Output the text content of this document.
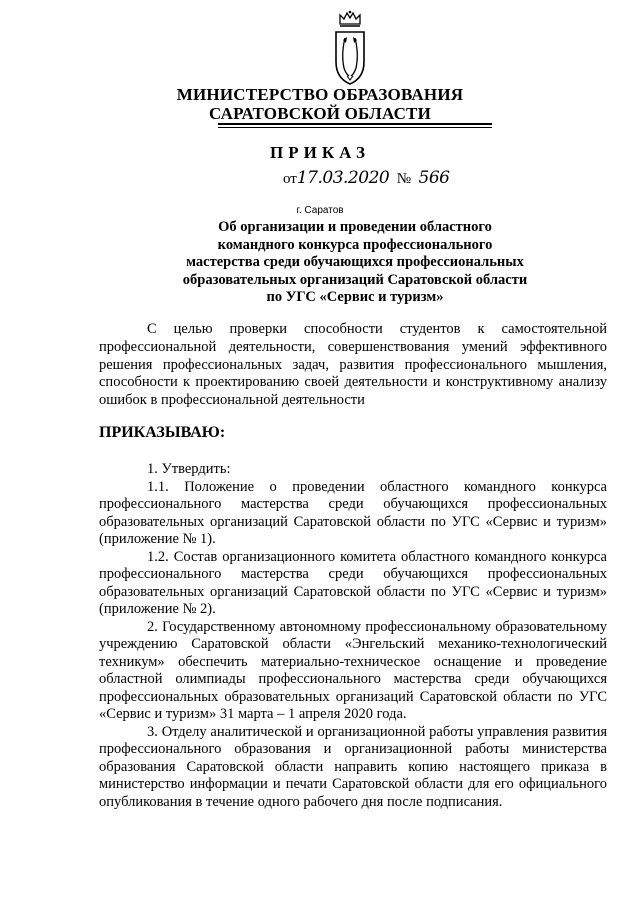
МИНИСТЕРСТВО ОБРАЗОВАНИЯ
САРАТОВСКОЙ ОБЛАСТИ
ПРИКАЗ
от17.03.2020 № 566
г. Саратов
Об организации и проведении областного
командного конкурса профессионального
мастерства среди обучающихся профессиональных
образовательных организаций Саратовской области
по УГС «Сервис и туризм»

С целью проверки способности студентов к самостоятельной профессиональной деятельности, совершенствования умений эффективного решения профессиональных задач, развития профессионального мышления, способности к проектированию своей деятельности и конструктивному анализу ошибок в профессиональной деятельности

ПРИКАЗЫВАЮ:

1. Утвердить:

1.1. Положение о проведении областного командного конкурса профессионального мастерства среди обучающихся профессиональных образовательных организаций Саратовской области по УГС «Сервис и туризм» (приложение № 1).

1.2. Состав организационного комитета областного командного конкурса профессионального мастерства среди обучающихся профессиональных образовательных организаций Саратовской области по УГС «Сервис и туризм» (приложение № 2).

2. Государственному автономному профессиональному образовательному учреждению Саратовской области «Энгельский механико-технологический техникум» обеспечить материально-техническое оснащение и проведение областной олимпиады профессионального мастерства среди обучающихся профессиональных образовательных организаций Саратовской области по УГС «Сервис и туризм» 31 марта – 1 апреля 2020 года.

3. Отделу аналитической и организационной работы управления развития профессионального образования и организационной работы министерства образования Саратовской области направить копию настоящего приказа в министерство информации и печати Саратовской области для его официального опубликования в течение одного рабочего дня после подписания.
